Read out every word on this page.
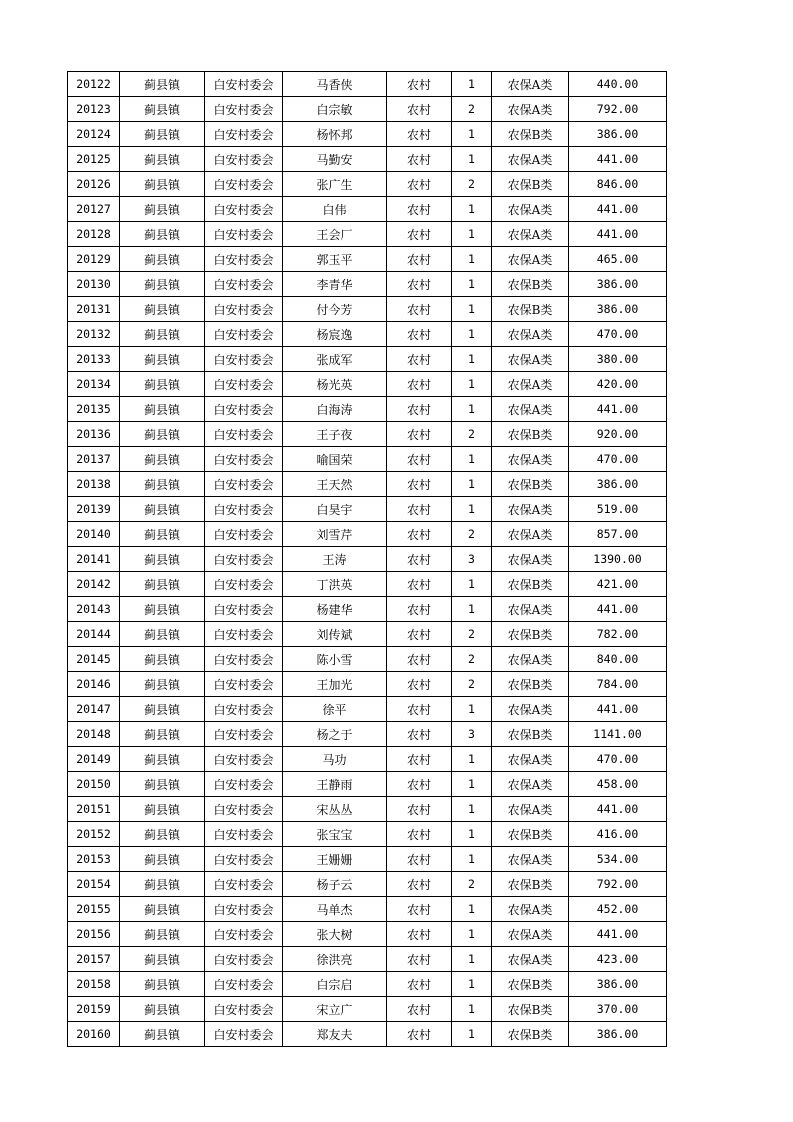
20122	蓟县镇	白安村委会	马香侠	农村	1	农保A类	440.00
20123	蓟县镇	白安村委会	白宗敏	农村	2	农保A类	792.00
20124	蓟县镇	白安村委会	杨怀邦	农村	1	农保B类	386.00
20125	蓟县镇	白安村委会	马勤安	农村	1	农保A类	441.00
20126	蓟县镇	白安村委会	张广生	农村	2	农保B类	846.00
20127	蓟县镇	白安村委会	白伟	农村	1	农保A类	441.00
20128	蓟县镇	白安村委会	王会厂	农村	1	农保A类	441.00
20129	蓟县镇	白安村委会	郭玉平	农村	1	农保A类	465.00
20130	蓟县镇	白安村委会	李青华	农村	1	农保B类	386.00
20131	蓟县镇	白安村委会	付今芳	农村	1	农保B类	386.00
20132	蓟县镇	白安村委会	杨宸逸	农村	1	农保A类	470.00
20133	蓟县镇	白安村委会	张成军	农村	1	农保A类	380.00
20134	蓟县镇	白安村委会	杨光英	农村	1	农保A类	420.00
20135	蓟县镇	白安村委会	白海涛	农村	1	农保A类	441.00
20136	蓟县镇	白安村委会	王子夜	农村	2	农保B类	920.00
20137	蓟县镇	白安村委会	喻国荣	农村	1	农保A类	470.00
20138	蓟县镇	白安村委会	王天然	农村	1	农保B类	386.00
20139	蓟县镇	白安村委会	白昊宇	农村	1	农保A类	519.00
20140	蓟县镇	白安村委会	刘雪芹	农村	2	农保A类	857.00
20141	蓟县镇	白安村委会	王涛	农村	3	农保A类	1390.00
20142	蓟县镇	白安村委会	丁洪英	农村	1	农保B类	421.00
20143	蓟县镇	白安村委会	杨建华	农村	1	农保A类	441.00
20144	蓟县镇	白安村委会	刘传斌	农村	2	农保B类	782.00
20145	蓟县镇	白安村委会	陈小雪	农村	2	农保A类	840.00
20146	蓟县镇	白安村委会	王加光	农村	2	农保B类	784.00
20147	蓟县镇	白安村委会	徐平	农村	1	农保A类	441.00
20148	蓟县镇	白安村委会	杨之于	农村	3	农保B类	1141.00
20149	蓟县镇	白安村委会	马功	农村	1	农保A类	470.00
20150	蓟县镇	白安村委会	王静雨	农村	1	农保A类	458.00
20151	蓟县镇	白安村委会	宋丛丛	农村	1	农保A类	441.00
20152	蓟县镇	白安村委会	张宝宝	农村	1	农保B类	416.00
20153	蓟县镇	白安村委会	王姗姗	农村	1	农保A类	534.00
20154	蓟县镇	白安村委会	杨子云	农村	2	农保B类	792.00
20155	蓟县镇	白安村委会	马单杰	农村	1	农保A类	452.00
20156	蓟县镇	白安村委会	张大树	农村	1	农保A类	441.00
20157	蓟县镇	白安村委会	徐洪亮	农村	1	农保A类	423.00
20158	蓟县镇	白安村委会	白宗启	农村	1	农保B类	386.00
20159	蓟县镇	白安村委会	宋立广	农村	1	农保B类	370.00
20160	蓟县镇	白安村委会	郑友夫	农村	1	农保B类	386.00
